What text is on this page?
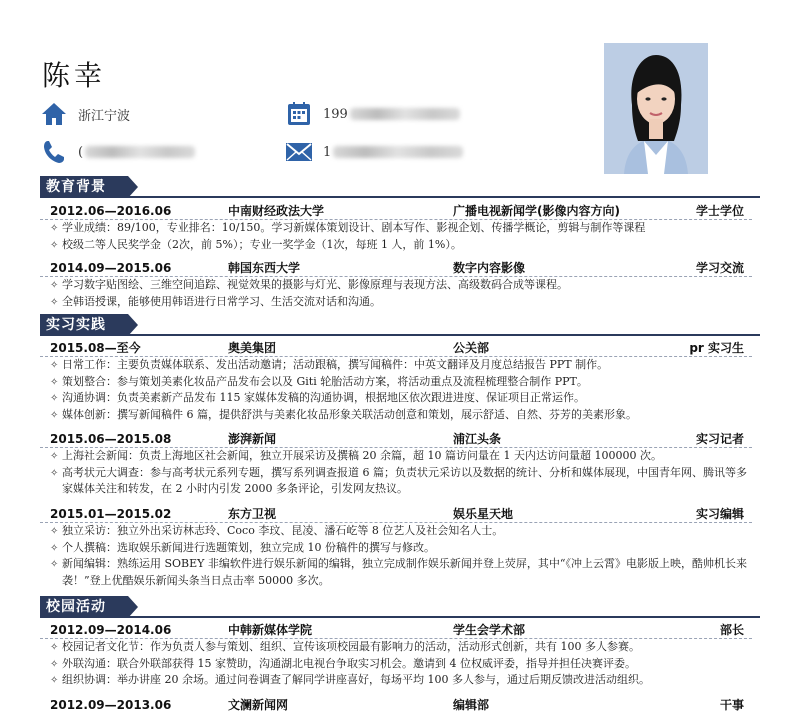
陈幸
浙江宁波	199
(	1
教育背景
2012.06—2016.06	中南财经政法大学	广播电视新闻学(影像内容方向)	学士学位
✧ 学业成绩：89/100，专业排名：10/150。学习新媒体策划设计、剧本写作、影视企划、传播学概论，剪辑与制作等课程
✧ 校级二等人民奖学金（2次，前 5%）；专业一奖学金（1次，每班 1 人，前 1%）。
2014.09—2015.06	韩国东西大学	数字内容影像	学习交流
✧ 学习数字贴图绘、三维空间追踪、视觉效果的摄影与灯光、影像原理与表现方法、高级数码合成等课程。
✧ 全韩语授课，能够使用韩语进行日常学习、生活交流对话和沟通。
实习实践
2015.08—至今	奥美集团	公关部	pr 实习生
✧ 日常工作：主要负责媒体联系、发出活动邀请；活动跟稿，撰写闻稿件：中英文翻译及月度总结报告 PPT 制作。
✧ 策划整合：参与策划美素化妆品产品发布会以及 Giti 轮胎活动方案，将活动重点及流程梳理整合制作 PPT。
✧ 沟通协调：负责美素新产品发布 115 家媒体发稿的沟通协调，根据地区依次跟进进度、保证项目正常运作。
✧ 媒体创新：撰写新闻稿件 6 篇，提供舒洪与美素化妆品形象关联活动创意和策划，展示舒适、自然、芬芳的美素形象。
2015.06—2015.08	澎湃新闻	浦江头条	实习记者
✧ 上海社会新闻：负责上海地区社会新闻，独立开展采访及撰稿 20 余篇，超 10 篇访问量在 1 天内达访问量超 100000 次。
✧ 高考状元大调查：参与高考状元系列专题，撰写系列调查报道 6 篇；负责状元采访以及数据的统计、分析和媒体展现，中国青年网、腾讯等多家媒体关注和转发，在 2 小时内引发 2000 多条评论，引发网友热议。
2015.01—2015.02	东方卫视	娱乐星天地	实习编辑
✧ 独立采访：独立外出采访林志玲、Coco 李玟、昆凌、潘石屹等 8 位艺人及社会知名人士。
✧ 个人撰稿：选取娱乐新闻进行选题策划，独立完成 10 份稿件的撰写与修改。
✧ 新闻编辑：熟练运用 SOBEY 非编软件进行娱乐新闻的编辑，独立完成制作娱乐新闻并登上荧屏，其中“《冲上云霄》电影版上映，酷帅机长来袭！”登上优酷娱乐新闻头条当日点击率 50000 多次。
校园活动
2012.09—2014.06	中韩新媒体学院	学生会学术部	部长
✧ 校园记者文化节：作为负责人参与策划、组织、宣传该项校园最有影响力的活动，活动形式创新，共有 100 多人参赛。
✧ 外联沟通：联合外联部获得 15 家赞助，沟通湖北电视台争取实习机会。邀请到 4 位权威评委，指导并担任决赛评委。
✧ 组织协调：举办讲座 20 余场。通过问卷调查了解同学讲座喜好，每场平均 100 多人参与，通过后期反馈改进活动组织。
2012.09—2013.06	文澜新闻网	编辑部	干事
